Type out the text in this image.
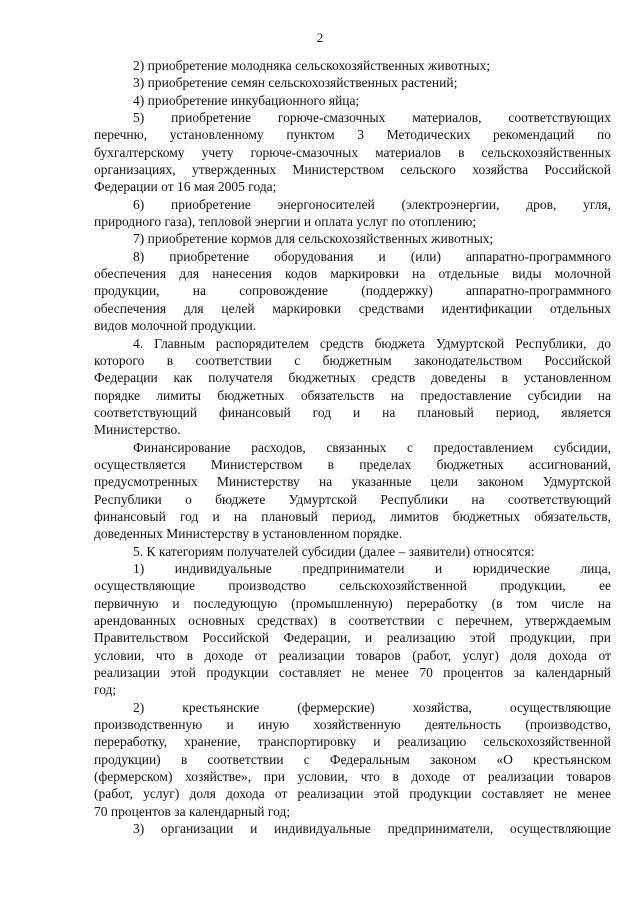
2
2) приобретение молодняка сельскохозяйственных животных;
3) приобретение семян сельскохозяйственных растений;
4) приобретение инкубационного яйца;
5) приобретение горюче-смазочных материалов, соответствующих
перечню, установленному пунктом 3 Методических рекомендаций по
бухгалтерскому учету горюче-смазочных материалов в сельскохозяйственных
организациях, утвержденных Министерством сельского хозяйства Российской
Федерации от 16 мая 2005 года;
6) приобретение энергоносителей (электроэнергии, дров, угля,
природного газа), тепловой энергии и оплата услуг по отоплению;
7) приобретение кормов для сельскохозяйственных животных;
8) приобретение оборудования и (или) аппаратно-программного
обеспечения для нанесения кодов маркировки на отдельные виды молочной
продукции, на сопровождение (поддержку) аппаратно-программного
обеспечения для целей маркировки средствами идентификации отдельных
видов молочной продукции.
4. Главным распорядителем средств бюджета Удмуртской Республики, до
которого в соответствии с бюджетным законодательством Российской
Федерации как получателя бюджетных средств доведены в установленном
порядке лимиты бюджетных обязательств на предоставление субсидии на
соответствующий финансовый год и на плановый период, является
Министерство.
Финансирование расходов, связанных с предоставлением субсидии,
осуществляется Министерством в пределах бюджетных ассигнований,
предусмотренных Министерству на указанные цели законом Удмуртской
Республики о бюджете Удмуртской Республики на соответствующий
финансовый год и на плановый период, лимитов бюджетных обязательств,
доведенных Министерству в установленном порядке.
5. К категориям получателей субсидии (далее – заявители) относятся:
1) индивидуальные предприниматели и юридические лица,
осуществляющие производство сельскохозяйственной продукции, ее
первичную и последующую (промышленную) переработку (в том числе на
арендованных основных средствах) в соответствии с перечнем, утверждаемым
Правительством Российской Федерации, и реализацию этой продукции, при
условии, что в доходе от реализации товаров (работ, услуг) доля дохода от
реализации этой продукции составляет не менее 70 процентов за календарный
год;
2) крестьянские (фермерские) хозяйства, осуществляющие
производственную и иную хозяйственную деятельность (производство,
переработку, хранение, транспортировку и реализацию сельскохозяйственной
продукции) в соответствии с Федеральным законом «О крестьянском
(фермерском) хозяйстве», при условии, что в доходе от реализации товаров
(работ, услуг) доля дохода от реализации этой продукции составляет не менее
70 процентов за календарный год;
3) организации и индивидуальные предприниматели, осуществляющие
